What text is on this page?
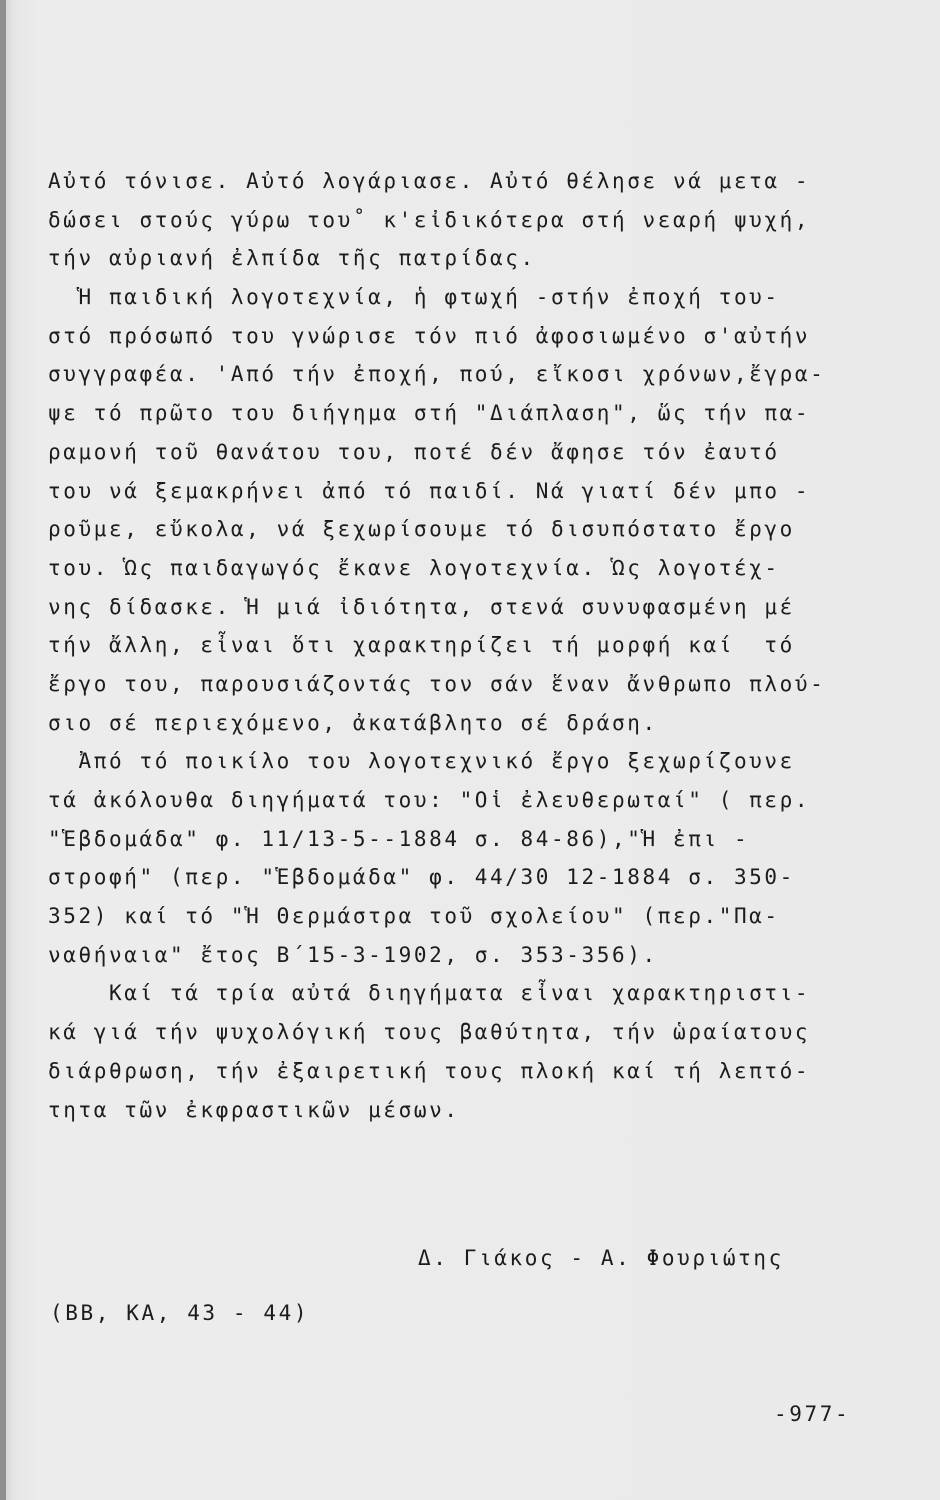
Αὐτό τόνισε. Αὐτό λογάριασε. Αὐτό θέλησε νά μετα -
δώσει στούς γύρω του˚ κ'εἰδικότερα στή νεαρή ψυχή,
τήν αὐριανή ἐλπίδα τῆς πατρίδας.
Ἡ παιδική λογοτεχνία, ἡ φτωχή -στήν ἐποχή του-
στό πρόσωπό του γνώρισε τόν πιό ἀφοσιωμένο σ'αὐτήν
συγγραφέα. 'Από τήν ἐποχή, πού, εἴκοσι χρόνων,ἔγρα-
ψε τό πρῶτο του διήγημα στή "Διάπλαση", ὥς τήν πα-
ραμονή τοῦ θανάτου του, ποτέ δέν ἄφησε τόν ἐαυτό
του νά ξεμακρήνει ἀπό τό παιδί. Νά γιατί δέν μπο -
ροῦμε, εὔκολα, νά ξεχωρίσουμε τό δισυπόστατο ἔργο
του. Ὡς παιδαγωγός ἔκανε λογοτεχνία. Ὡς λογοτέχ-
νης δίδασκε. Ἡ μιά ἰδιότητα, στενά συνυφασμένη μέ
τήν ἄλλη, εἶναι ὅτι χαρακτηρίζει τή μορφή καί  τό
ἔργο του, παρουσιάζοντάς τον σάν ἕναν ἄνθρωπο πλού-
σιο σέ περιεχόμενο, ἀκατάβλητο σέ δράση.
Ἀπό τό ποικίλο του λογοτεχνικό ἔργο ξεχωρίζουνε
τά ἀκόλουθα διηγήματά του: "Οἱ ἐλευθερωταί" ( περ.
"Ἑβδομάδα" φ. 11/13-5--1884 σ. 84-86),"Ἡ ἐπι -
στροφή" (περ. "Ἑβδομάδα" φ. 44/30 12-1884 σ. 350-
352) καί τό "Ἡ Θερμάστρα τοῦ σχολείου" (περ."Πα-
ναθήναια" ἔτος Β΄15-3-1902, σ. 353-356).
Καί τά τρία αὐτά διηγήματα εἶναι χαρακτηριστι-
κά γιά τήν ψυχολόγική τους βαθύτητα, τήν ὡραίατους
διάρθρωση, τήν ἐξαιρετική τους πλοκή καί τή λεπτό-
τητα τῶν ἐκφραστικῶν μέσων.
Δ. Γιάκος - Α. Φουριώτης
(ΒΒ, ΚΑ, 43 - 44)
-977-
